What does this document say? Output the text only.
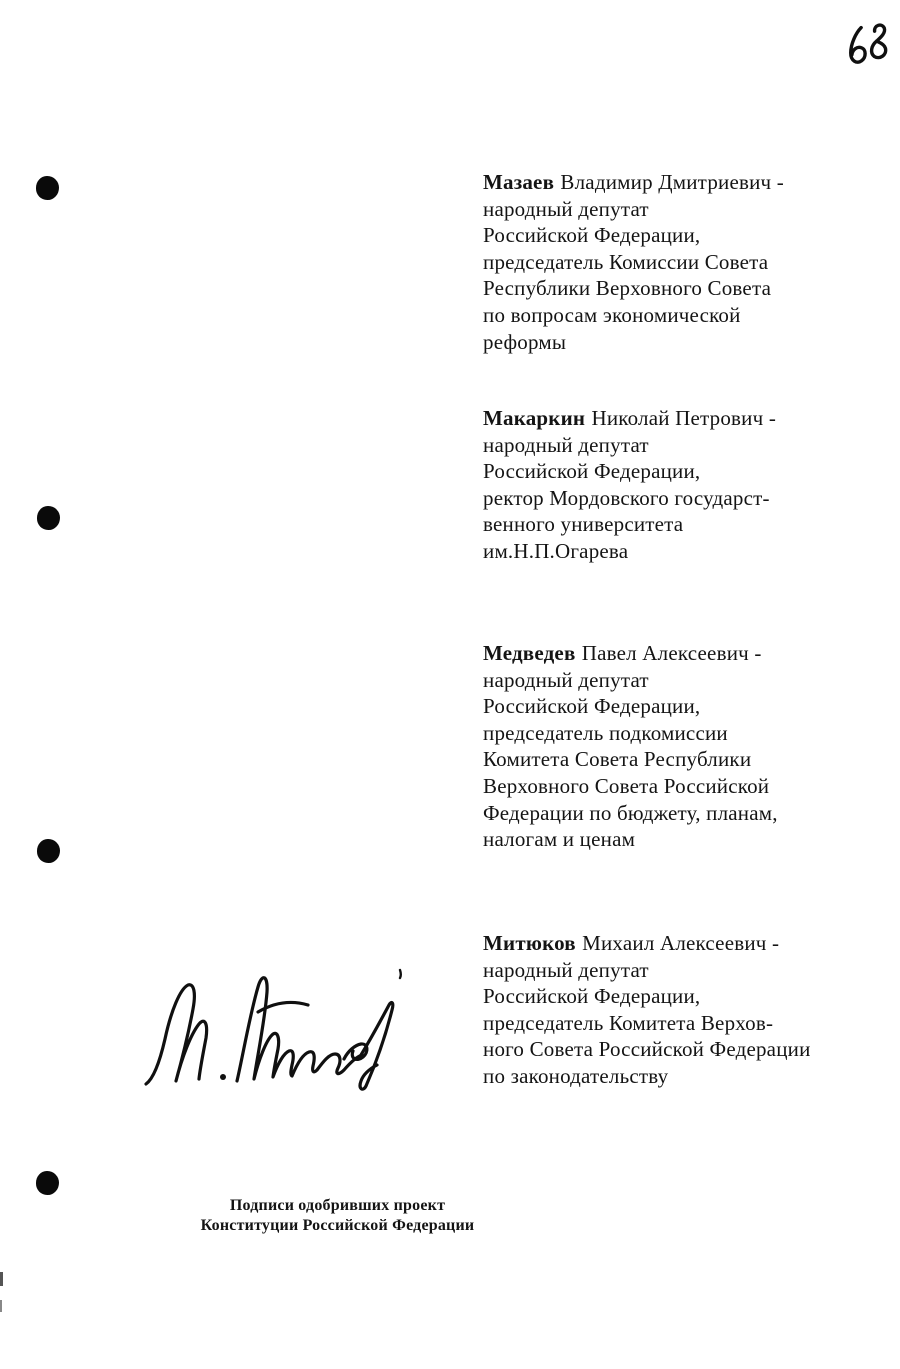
Мазаев Владимир Дмитриевич -
народный депутат
Российской Федерации,
председатель Комиссии Совета
Республики Верховного Совета
по вопросам экономической
реформы
Макаркин Николай Петрович -
народный депутат
Российской Федерации,
ректор Мордовского государст-
венного университета
им.Н.П.Огарева
Медведев Павел Алексеевич -
народный депутат
Российской Федерации,
председатель подкомиссии
Комитета Совета Республики
Верховного Совета Российской
Федерации по бюджету, планам,
налогам и ценам
Митюков Михаил Алексеевич -
народный депутат
Российской Федерации,
председатель Комитета Верхов-
ного Совета Российской Федерации
по законодательству
Подписи одобривших проект
Конституции Российской Федерации
